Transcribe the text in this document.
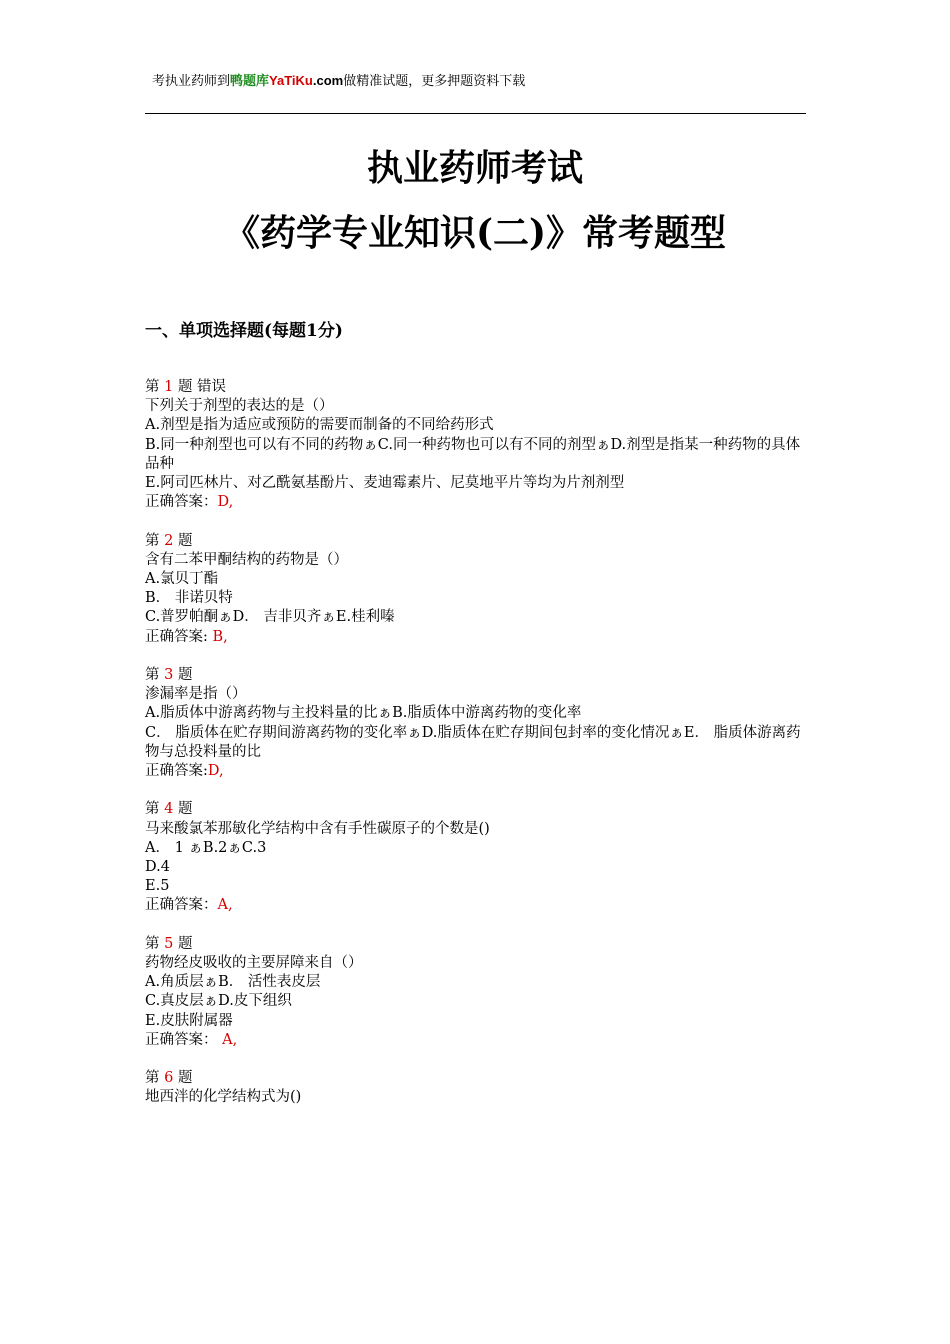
考执业药师到鸭题库YaTiKu.com做精准试题，更多押题资料下载
执业药师考试
《药学专业知识(二)》常考题型
一、单项选择题(每题1分)
第 1 题 错误
下列关于剂型的表达的是（）
A.剂型是指为适应或预防的需要而制备的不同给药形式
B.同一种剂型也可以有不同的药物ぁC.同一种药物也可以有不同的剂型ぁD.剂型是指某一种药物的具体品种
E.阿司匹林片、对乙酰氨基酚片、麦迪霉素片、尼莫地平片等均为片剂剂型
正确答案：D,
第 2 题
含有二苯甲酮结构的药物是（）
A.氯贝丁酯
B． 非诺贝特
C.普罗帕酮ぁD． 吉非贝齐ぁE.桂利嗪
正确答案: B,
第 3 题
渗漏率是指（）
A.脂质体中游离药物与主投料量的比ぁB.脂质体中游离药物的变化率
C． 脂质体在贮存期间游离药物的变化率ぁD.脂质体在贮存期间包封率的变化情况ぁE． 脂质体游离药物与总投料量的比
正确答案:D,
第 4 题
马来酸氯苯那敏化学结构中含有手性碳原子的个数是()
A． 1 ぁB.2ぁC.3
D.4
E.5
正确答案：A,
第 5 题
药物经皮吸收的主要屏障来自（）
A.角质层ぁB． 活性表皮层
C.真皮层ぁD.皮下组织
E.皮肤附属器
正确答案： A,
第 6 题
地西泮的化学结构式为()
